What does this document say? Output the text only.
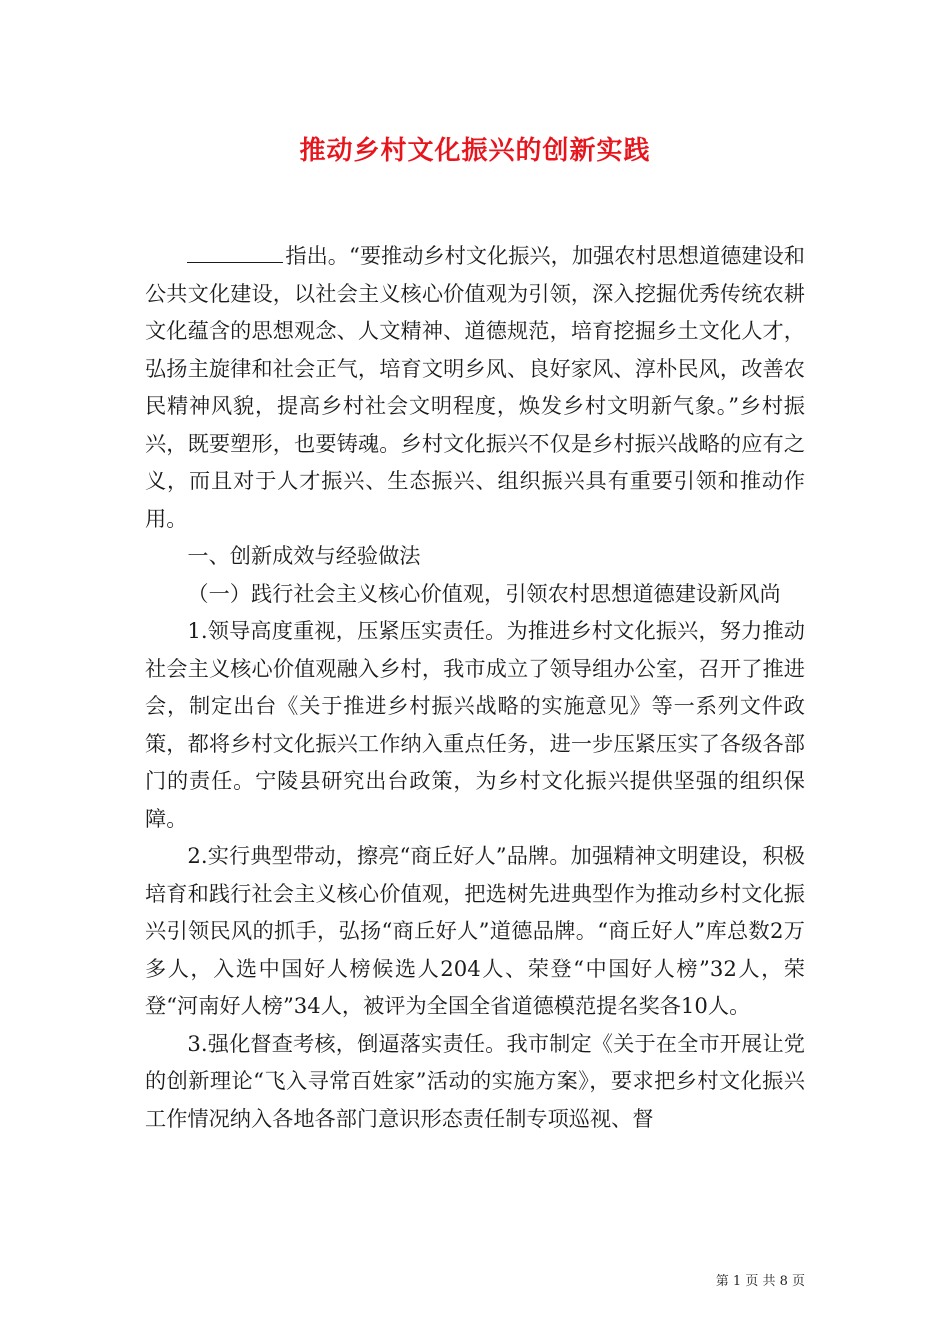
推动乡村文化振兴的创新实践

指出。“要推动乡村文化振兴，加强农村思想道德建设和公共文化建设，以社会主义核心价值观为引领，深入挖掘优秀传统农耕文化蕴含的思想观念、人文精神、道德规范，培育挖掘乡土文化人才，弘扬主旋律和社会正气，培育文明乡风、良好家风、淳朴民风，改善农民精神风貌，提高乡村社会文明程度，焕发乡村文明新气象。”乡村振兴，既要塑形，也要铸魂。乡村文化振兴不仅是乡村振兴战略的应有之义，而且对于人才振兴、生态振兴、组织振兴具有重要引领和推动作用。

一、创新成效与经验做法

（一）践行社会主义核心价值观，引领农村思想道德建设新风尚

1.领导高度重视，压紧压实责任。为推进乡村文化振兴，努力推动社会主义核心价值观融入乡村，我市成立了领导组办公室，召开了推进会，制定出台《关于推进乡村振兴战略的实施意见》等一系列文件政策，都将乡村文化振兴工作纳入重点任务，进一步压紧压实了各级各部门的责任。宁陵县研究出台政策，为乡村文化振兴提供坚强的组织保障。

2.实行典型带动，擦亮“商丘好人”品牌。加强精神文明建设，积极培育和践行社会主义核心价值观，把选树先进典型作为推动乡村文化振兴引领民风的抓手，弘扬“商丘好人”道德品牌。“商丘好人”库总数2万多人，入选中国好人榜候选人204人、荣登“中国好人榜”32人，荣登“河南好人榜”34人，被评为全国全省道德模范提名奖各10人。

3.强化督查考核，倒逼落实责任。我市制定《关于在全市开展让党的创新理论“飞入寻常百姓家”活动的实施方案》，要求把乡村文化振兴工作情况纳入各地各部门意识形态责任制专项巡视、督

第 1 页 共 8 页
